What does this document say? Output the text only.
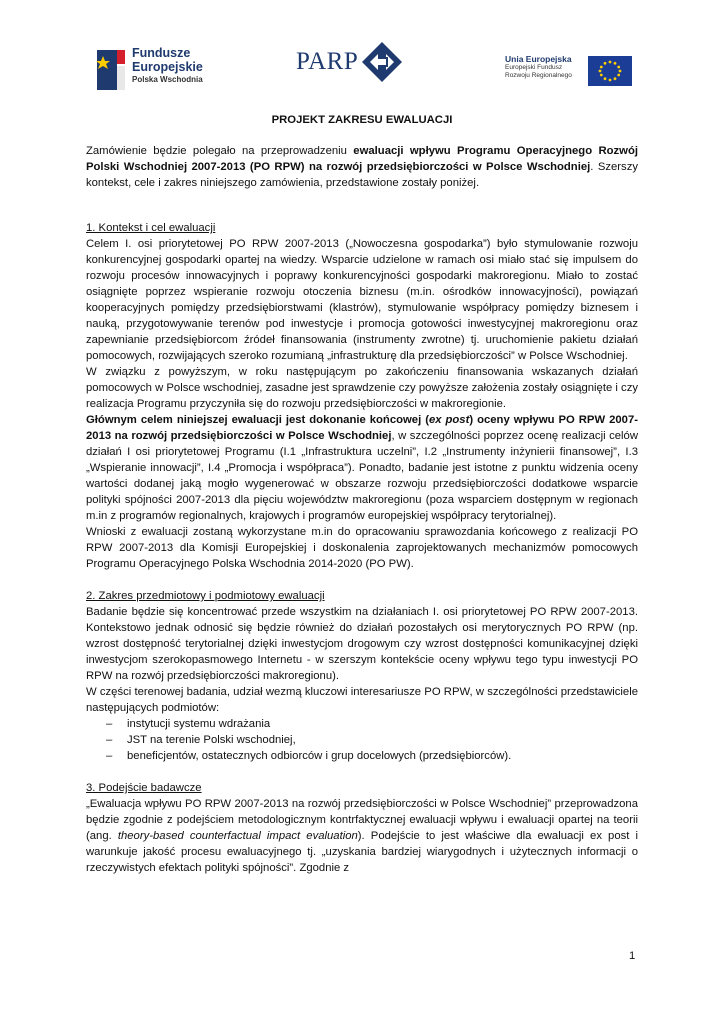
Fundusze
Europejskie
Polska Wschodnia
PARP	Unia Europejska
Europejski Fundusz
Rozwoju Regionalnego
PROJEKT ZAKRESU EWALUACJI

Zamówienie będzie polegało na przeprowadzeniu ewaluacji wpływu Programu Operacyjnego Rozwój Polski Wschodniej 2007-2013 (PO RPW) na rozwój przedsiębiorczości w Polsce Wschodniej. Szerszy kontekst, cele i zakres niniejszego zamówienia, przedstawione zostały poniżej.

1. Kontekst i cel ewaluacji

Celem I. osi priorytetowej PO RPW 2007-2013 („Nowoczesna gospodarka”) było stymulowanie rozwoju konkurencyjnej gospodarki opartej na wiedzy. Wsparcie udzielone w ramach osi miało stać się impulsem do rozwoju procesów innowacyjnych i poprawy konkurencyjności gospodarki makroregionu. Miało to zostać osiągnięte poprzez wspieranie rozwoju otoczenia biznesu (m.in. ośrodków innowacyjności), powiązań kooperacyjnych pomiędzy przedsiębiorstwami (klastrów), stymulowanie współpracy pomiędzy biznesem i nauką, przygotowywanie terenów pod inwestycje i promocja gotowości inwestycyjnej makroregionu oraz zapewnianie przedsiębiorcom źródeł finansowania (instrumenty zwrotne) tj. uruchomienie pakietu działań pomocowych, rozwijających szeroko rozumianą „infrastrukturę dla przedsiębiorczości” w Polsce Wschodniej.

W związku z powyższym, w roku następującym po zakończeniu finansowania wskazanych działań pomocowych w Polsce wschodniej, zasadne jest sprawdzenie czy powyższe założenia zostały osiągnięte i czy realizacja Programu przyczyniła się do rozwoju przedsiębiorczości w makroregionie.

Głównym celem niniejszej ewaluacji jest dokonanie końcowej (ex post) oceny wpływu PO RPW 2007-2013 na rozwój przedsiębiorczości w Polsce Wschodniej, w szczególności poprzez ocenę realizacji celów działań I osi priorytetowej Programu (I.1 „Infrastruktura uczelni”, I.2 „Instrumenty inżynierii finansowej”, I.3 „Wspieranie innowacji”, I.4 „Promocja i współpraca”). Ponadto, badanie jest istotne z punktu widzenia oceny wartości dodanej jaką mogło wygenerować w obszarze rozwoju przedsiębiorczości dodatkowe wsparcie polityki spójności 2007-2013 dla pięciu województw makroregionu (poza wsparciem dostępnym w regionach m.in z programów regionalnych, krajowych i programów europejskiej współpracy terytorialnej).

Wnioski z ewaluacji zostaną wykorzystane m.in do opracowaniu sprawozdania końcowego z realizacji PO RPW 2007-2013 dla Komisji Europejskiej i doskonalenia zaprojektowanych mechanizmów pomocowych Programu Operacyjnego Polska Wschodnia 2014-2020 (PO PW).

2. Zakres przedmiotowy i podmiotowy ewaluacji

Badanie będzie się koncentrować przede wszystkim na działaniach I. osi priorytetowej PO RPW 2007-2013. Kontekstowo jednak odnosić się będzie również do działań pozostałych osi merytorycznych PO RPW (np. wzrost dostępność terytorialnej dzięki inwestycjom drogowym czy wzrost dostępności komunikacyjnej dzięki inwestycjom szerokopasmowego Internetu - w szerszym kontekście oceny wpływu tego typu inwestycji PO RPW na rozwój przedsiębiorczości makroregionu).

W części terenowej badania, udział wezmą kluczowi interesariusze PO RPW, w szczególności przedstawiciele następujących podmiotów:

– instytucji systemu wdrażania
– JST na terenie Polski wschodniej,
– beneficjentów, ostatecznych odbiorców i grup docelowych (przedsiębiorców).
3. Podejście badawcze

„Ewaluacja wpływu PO RPW 2007-2013 na rozwój przedsiębiorczości w Polsce Wschodniej” przeprowadzona będzie zgodnie z podejściem metodologicznym kontrfaktycznej ewaluacji wpływu i ewaluacji opartej na teorii (ang. theory-based counterfactual impact evaluation). Podejście to jest właściwe dla ewaluacji ex post i warunkuje jakość procesu ewaluacyjnego tj. „uzyskania bardziej wiarygodnych i użytecznych informacji o rzeczywistych efektach polityki spójności”. Zgodnie z

1
